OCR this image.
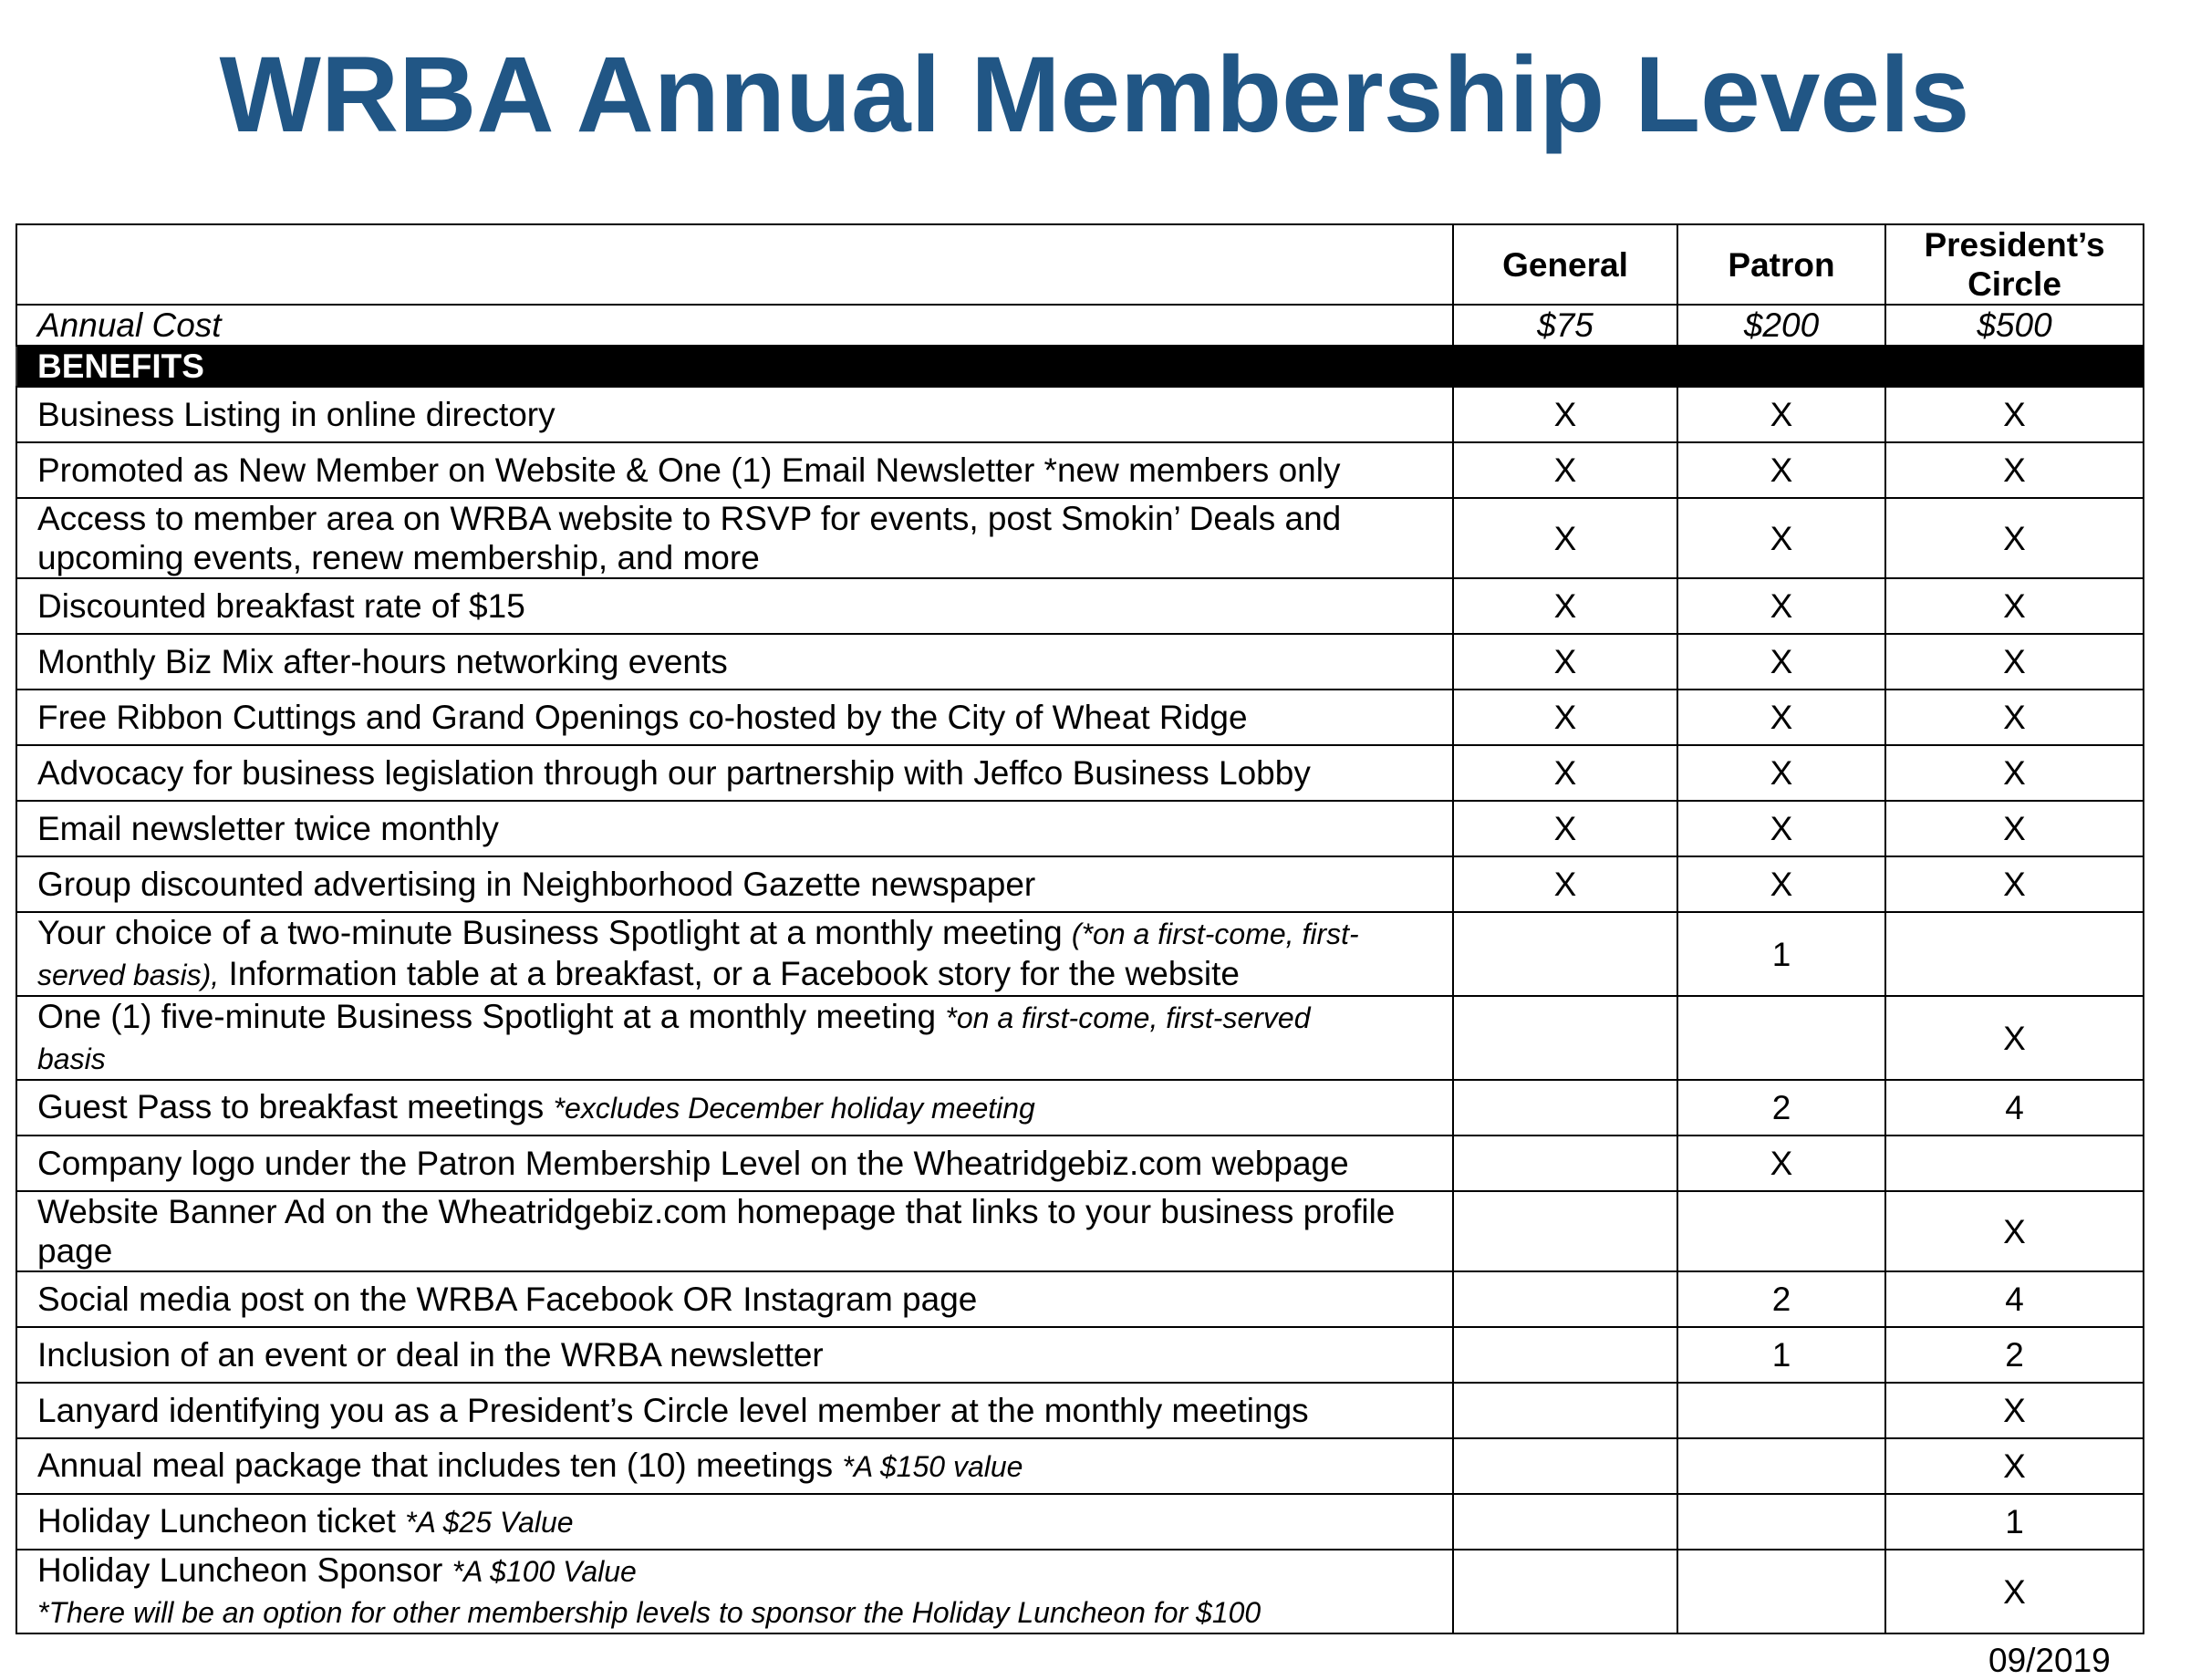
WRBA Annual Membership Levels
	General	Patron	President’s
Circle
Annual Cost	$75	$200	$500
BENEFITS			
Business Listing in online directory	X	X	X
Promoted as New Member on Website & One (1) Email Newsletter *new members only	X	X	X
Access to member area on WRBA website to RSVP for events, post Smokin’ Deals and
upcoming events, renew membership, and more	X	X	X
Discounted breakfast rate of $15	X	X	X
Monthly Biz Mix after-hours networking events	X	X	X
Free Ribbon Cuttings and Grand Openings co-hosted by the City of Wheat Ridge	X	X	X
Advocacy for business legislation through our partnership with Jeffco Business Lobby	X	X	X
Email newsletter twice monthly	X	X	X
Group discounted advertising in Neighborhood Gazette newspaper	X	X	X
Your choice of a two-minute Business Spotlight at a monthly meeting (*on a first-come, first-
served basis), Information table at a breakfast, or a Facebook story for the website		1	
One (1) five-minute Business Spotlight at a monthly meeting *on a first-come, first-served
basis			X
Guest Pass to breakfast meetings *excludes December holiday meeting		2	4
Company logo under the Patron Membership Level on the Wheatridgebiz.com webpage		X	
Website Banner Ad on the Wheatridgebiz.com homepage that links to your business profile
page			X
Social media post on the WRBA Facebook OR Instagram page		2	4
Inclusion of an event or deal in the WRBA newsletter		1	2
Lanyard identifying you as a President’s Circle level member at the monthly meetings			X
Annual meal package that includes ten (10) meetings *A $150 value			X
Holiday Luncheon ticket *A $25 Value			1
Holiday Luncheon Sponsor *A $100 Value
*There will be an option for other membership levels to sponsor the Holiday Luncheon for $100			X
09/2019
